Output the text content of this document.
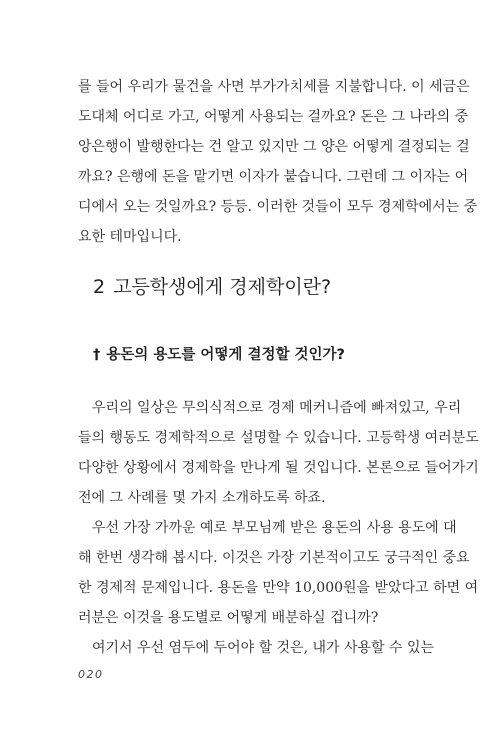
를 들어 우리가 물건을 사면 부가가치세를 지불합니다. 이 세금은
도대체 어디로 가고, 어떻게 사용되는 걸까요? 돈은 그 나라의 중
앙은행이 발행한다는 건 알고 있지만 그 양은 어떻게 결정되는 걸
까요? 은행에 돈을 맡기면 이자가 붙습니다. 그런데 그 이자는 어
디에서 오는 것일까요? 등등. 이러한 것들이 모두 경제학에서는 중
요한 테마입니다.
2 고등학생에게 경제학이란?
† 용돈의 용도를 어떻게 결정할 것인가?
우리의 일상은 무의식적으로 경제 메커니즘에 빠져있고, 우리
들의 행동도 경제학적으로 설명할 수 있습니다. 고등학생 여러분도
다양한 상황에서 경제학을 만나게 될 것입니다. 본론으로 들어가기
전에 그 사례를 몇 가지 소개하도록 하죠.
우선 가장 가까운 예로 부모님께 받은 용돈의 사용 용도에 대
해 한번 생각해 봅시다. 이것은 가장 기본적이고도 궁극적인 중요
한 경제적 문제입니다. 용돈을 만약 10,000원을 받았다고 하면 여
러분은 이것을 용도별로 어떻게 배분하실 겁니까?
여기서 우선 염두에 두어야 할 것은, 내가 사용할 수 있는
020
